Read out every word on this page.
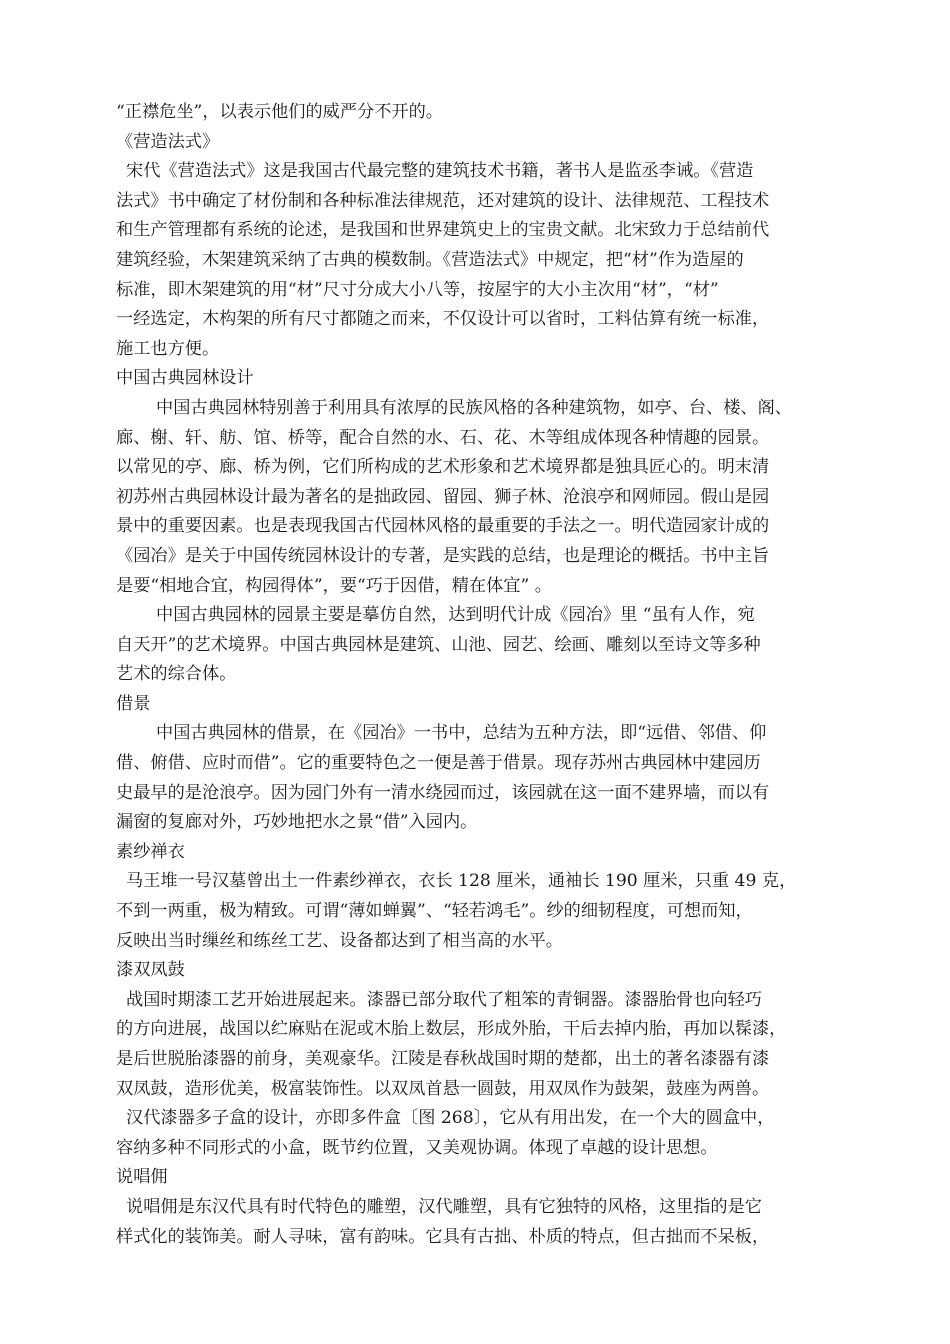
“正襟危坐”，以表示他们的威严分不开的。

《营造法式》

宋代《营造法式》这是我国古代最完整的建筑技术书籍，著书人是监丞李诫。《营造

法式》书中确定了材份制和各种标准法律规范，还对建筑的设计、法律规范、工程技术

和生产管理都有系统的论述，是我国和世界建筑史上的宝贵文献。北宋致力于总结前代

建筑经验，木架建筑采纳了古典的模数制。《营造法式》中规定，把“材”作为造屋的

标准，即木架建筑的用“材”尺寸分成大小八等，按屋宇的大小主次用“材”，“材”

一经选定，木构架的所有尺寸都随之而来，不仅设计可以省时，工料估算有统一标准，

施工也方便。

中国古典园林设计

中国古典园林特别善于利用具有浓厚的民族风格的各种建筑物，如亭、台、楼、阁、

廊、榭、轩、舫、馆、桥等，配合自然的水、石、花、木等组成体现各种情趣的园景。

以常见的亭、廊、桥为例，它们所构成的艺术形象和艺术境界都是独具匠心的。明末清

初苏州古典园林设计最为著名的是拙政园、留园、狮子林、沧浪亭和网师园。假山是园

景中的重要因素。也是表现我国古代园林风格的最重要的手法之一。明代造园家计成的

《园冶》是关于中国传统园林设计的专著，是实践的总结，也是理论的概括。书中主旨

是要“相地合宜，构园得体”，要“巧于因借，精在体宜” 。

中国古典园林的园景主要是摹仿自然，达到明代计成《园冶》里 “虽有人作，宛

自天开”的艺术境界。中国古典园林是建筑、山池、园艺、绘画、雕刻以至诗文等多种

艺术的综合体。

借景

中国古典园林的借景，在《园冶》一书中，总结为五种方法，即“远借、邻借、仰

借、俯借、应时而借”。它的重要特色之一便是善于借景。现存苏州古典园林中建园历

史最早的是沧浪亭。因为园门外有一清水绕园而过，该园就在这一面不建界墙，而以有

漏窗的复廊对外，巧妙地把水之景“借”入园内。

素纱禅衣

马王堆一号汉墓曾出土一件素纱禅衣，衣长 128 厘米，通袖长 190 厘米，只重 49 克，

不到一两重，极为精致。可谓“薄如蝉翼”、“轻若鸿毛”。纱的细韧程度，可想而知，

反映出当时缫丝和练丝工艺、设备都达到了相当高的水平。

漆双凤鼓

战国时期漆工艺开始进展起来。漆器已部分取代了粗笨的青铜器。漆器胎骨也向轻巧

的方向进展，战国以纻麻贴在泥或木胎上数层，形成外胎，干后去掉内胎，再加以髹漆，

是后世脱胎漆器的前身，美观豪华。江陵是春秋战国时期的楚都，出土的著名漆器有漆

双凤鼓，造形优美，极富装饰性。以双凤首悬一圆鼓，用双凤作为鼓架，鼓座为两兽。

汉代漆器多子盒的设计，亦即多件盒〔图 268〕，它从有用出发，在一个大的圆盒中，

容纳多种不同形式的小盒，既节约位置，又美观协调。体现了卓越的设计思想。

说唱佣

说唱佣是东汉代具有时代特色的雕塑，汉代雕塑，具有它独特的风格，这里指的是它

样式化的装饰美。耐人寻味，富有韵味。它具有古拙、朴质的特点，但古拙而不呆板，
